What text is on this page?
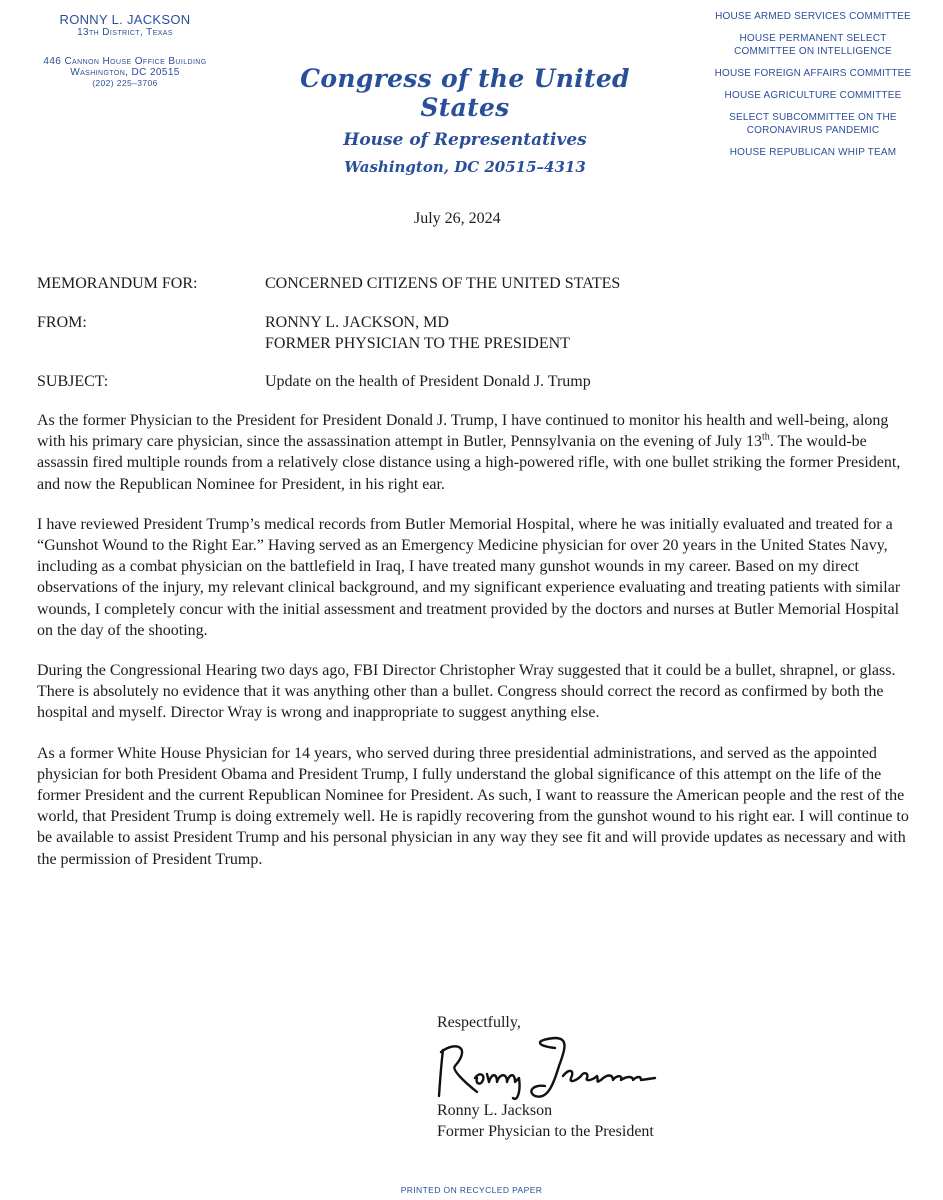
RONNY L. JACKSON
13th District, Texas
446 Cannon House Office Building
Washington, DC 20515
(202) 225–3706	Congress of the United States
House of Representatives
Washington, DC 20515–4313
HOUSE ARMED SERVICES COMMITTEE
HOUSE PERMANENT SELECT COMMITTEE ON INTELLIGENCE
HOUSE FOREIGN AFFAIRS COMMITTEE
HOUSE AGRICULTURE COMMITTEE
SELECT SUBCOMMITTEE ON THE CORONAVIRUS PANDEMIC
HOUSE REPUBLICAN WHIP TEAM
July 26, 2024
MEMORANDUM FOR:	CONCERNED CITIZENS OF THE UNITED STATES
FROM:	RONNY L. JACKSON, MD
FORMER PHYSICIAN TO THE PRESIDENT
SUBJECT:	Update on the health of President Donald J. Trump

As the former Physician to the President for President Donald J. Trump, I have continued to monitor his health and well-being, along with his primary care physician, since the assassination attempt in Butler, Pennsylvania on the evening of July 13th. The would-be assassin fired multiple rounds from a relatively close distance using a high-powered rifle, with one bullet striking the former President, and now the Republican Nominee for President, in his right ear.

I have reviewed President Trump’s medical records from Butler Memorial Hospital, where he was initially evaluated and treated for a “Gunshot Wound to the Right Ear.” Having served as an Emergency Medicine physician for over 20 years in the United States Navy, including as a combat physician on the battlefield in Iraq, I have treated many gunshot wounds in my career. Based on my direct observations of the injury, my relevant clinical background, and my significant experience evaluating and treating patients with similar wounds, I completely concur with the initial assessment and treatment provided by the doctors and nurses at Butler Memorial Hospital on the day of the shooting.

During the Congressional Hearing two days ago, FBI Director Christopher Wray suggested that it could be a bullet, shrapnel, or glass. There is absolutely no evidence that it was anything other than a bullet. Congress should correct the record as confirmed by both the hospital and myself. Director Wray is wrong and inappropriate to suggest anything else.

As a former White House Physician for 14 years, who served during three presidential administrations, and served as the appointed physician for both President Obama and President Trump, I fully understand the global significance of this attempt on the life of the former President and the current Republican Nominee for President. As such, I want to reassure the American people and the rest of the world, that President Trump is doing extremely well. He is rapidly recovering from the gunshot wound to his right ear. I will continue to be available to assist President Trump and his personal physician in any way they see fit and will provide updates as necessary and with the permission of President Trump.

Respectfully,
Ronny L. Jackson
Former Physician to the President
PRINTED ON RECYCLED PAPER
